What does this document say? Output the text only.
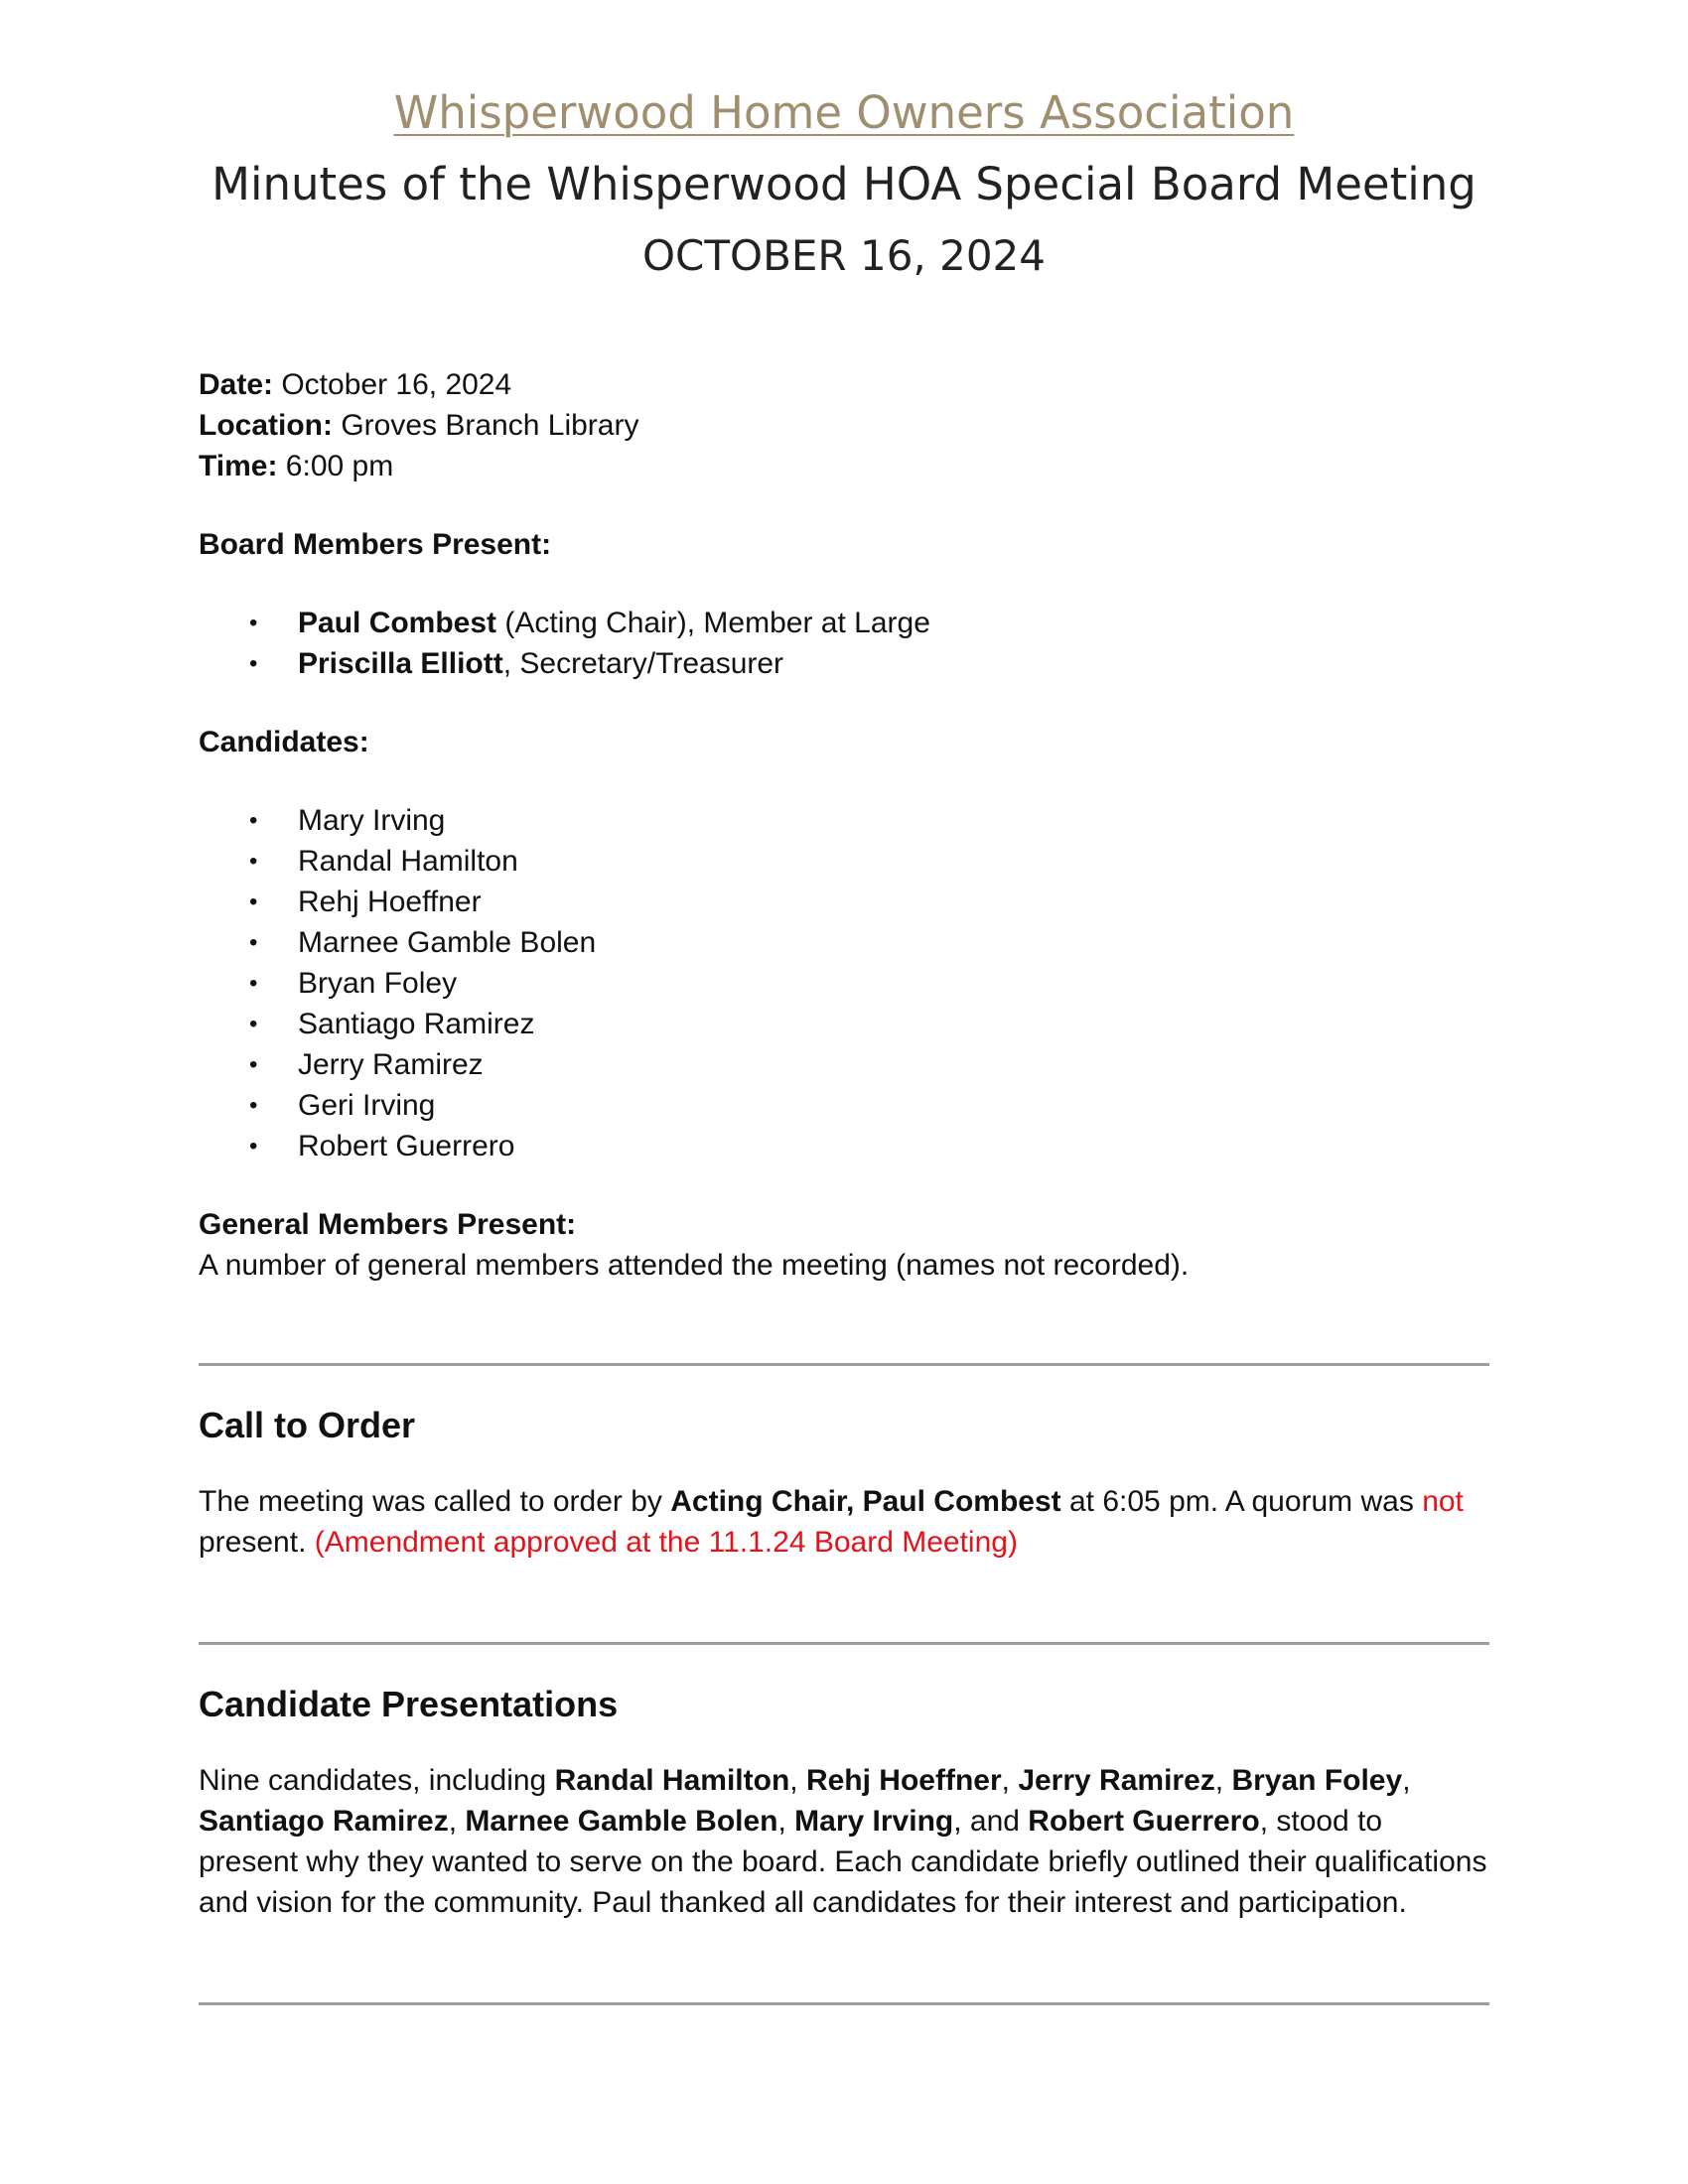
Whisperwood Home Owners Association
Minutes of the Whisperwood HOA Special Board Meeting
OCTOBER 16, 2024

Date: October 16, 2024

Location: Groves Branch Library

Time: 6:00 pm

Board Members Present:

• Paul Combest (Acting Chair), Member at Large
• Priscilla Elliott, Secretary/Treasurer

Candidates:

• Mary Irving
• Randal Hamilton
• Rehj Hoeffner
• Marnee Gamble Bolen
• Bryan Foley
• Santiago Ramirez
• Jerry Ramirez
• Geri Irving
• Robert Guerrero

General Members Present:

A number of general members attended the meeting (names not recorded).

Call to Order

The meeting was called to order by Acting Chair, Paul Combest at 6:05 pm. A quorum was not present. (Amendment approved at the 11.1.24 Board Meeting)

Candidate Presentations

Nine candidates, including Randal Hamilton, Rehj Hoeffner, Jerry Ramirez, Bryan Foley, Santiago Ramirez, Marnee Gamble Bolen, Mary Irving, and Robert Guerrero, stood to present why they wanted to serve on the board. Each candidate briefly outlined their qualifications and vision for the community. Paul thanked all candidates for their interest and participation.
